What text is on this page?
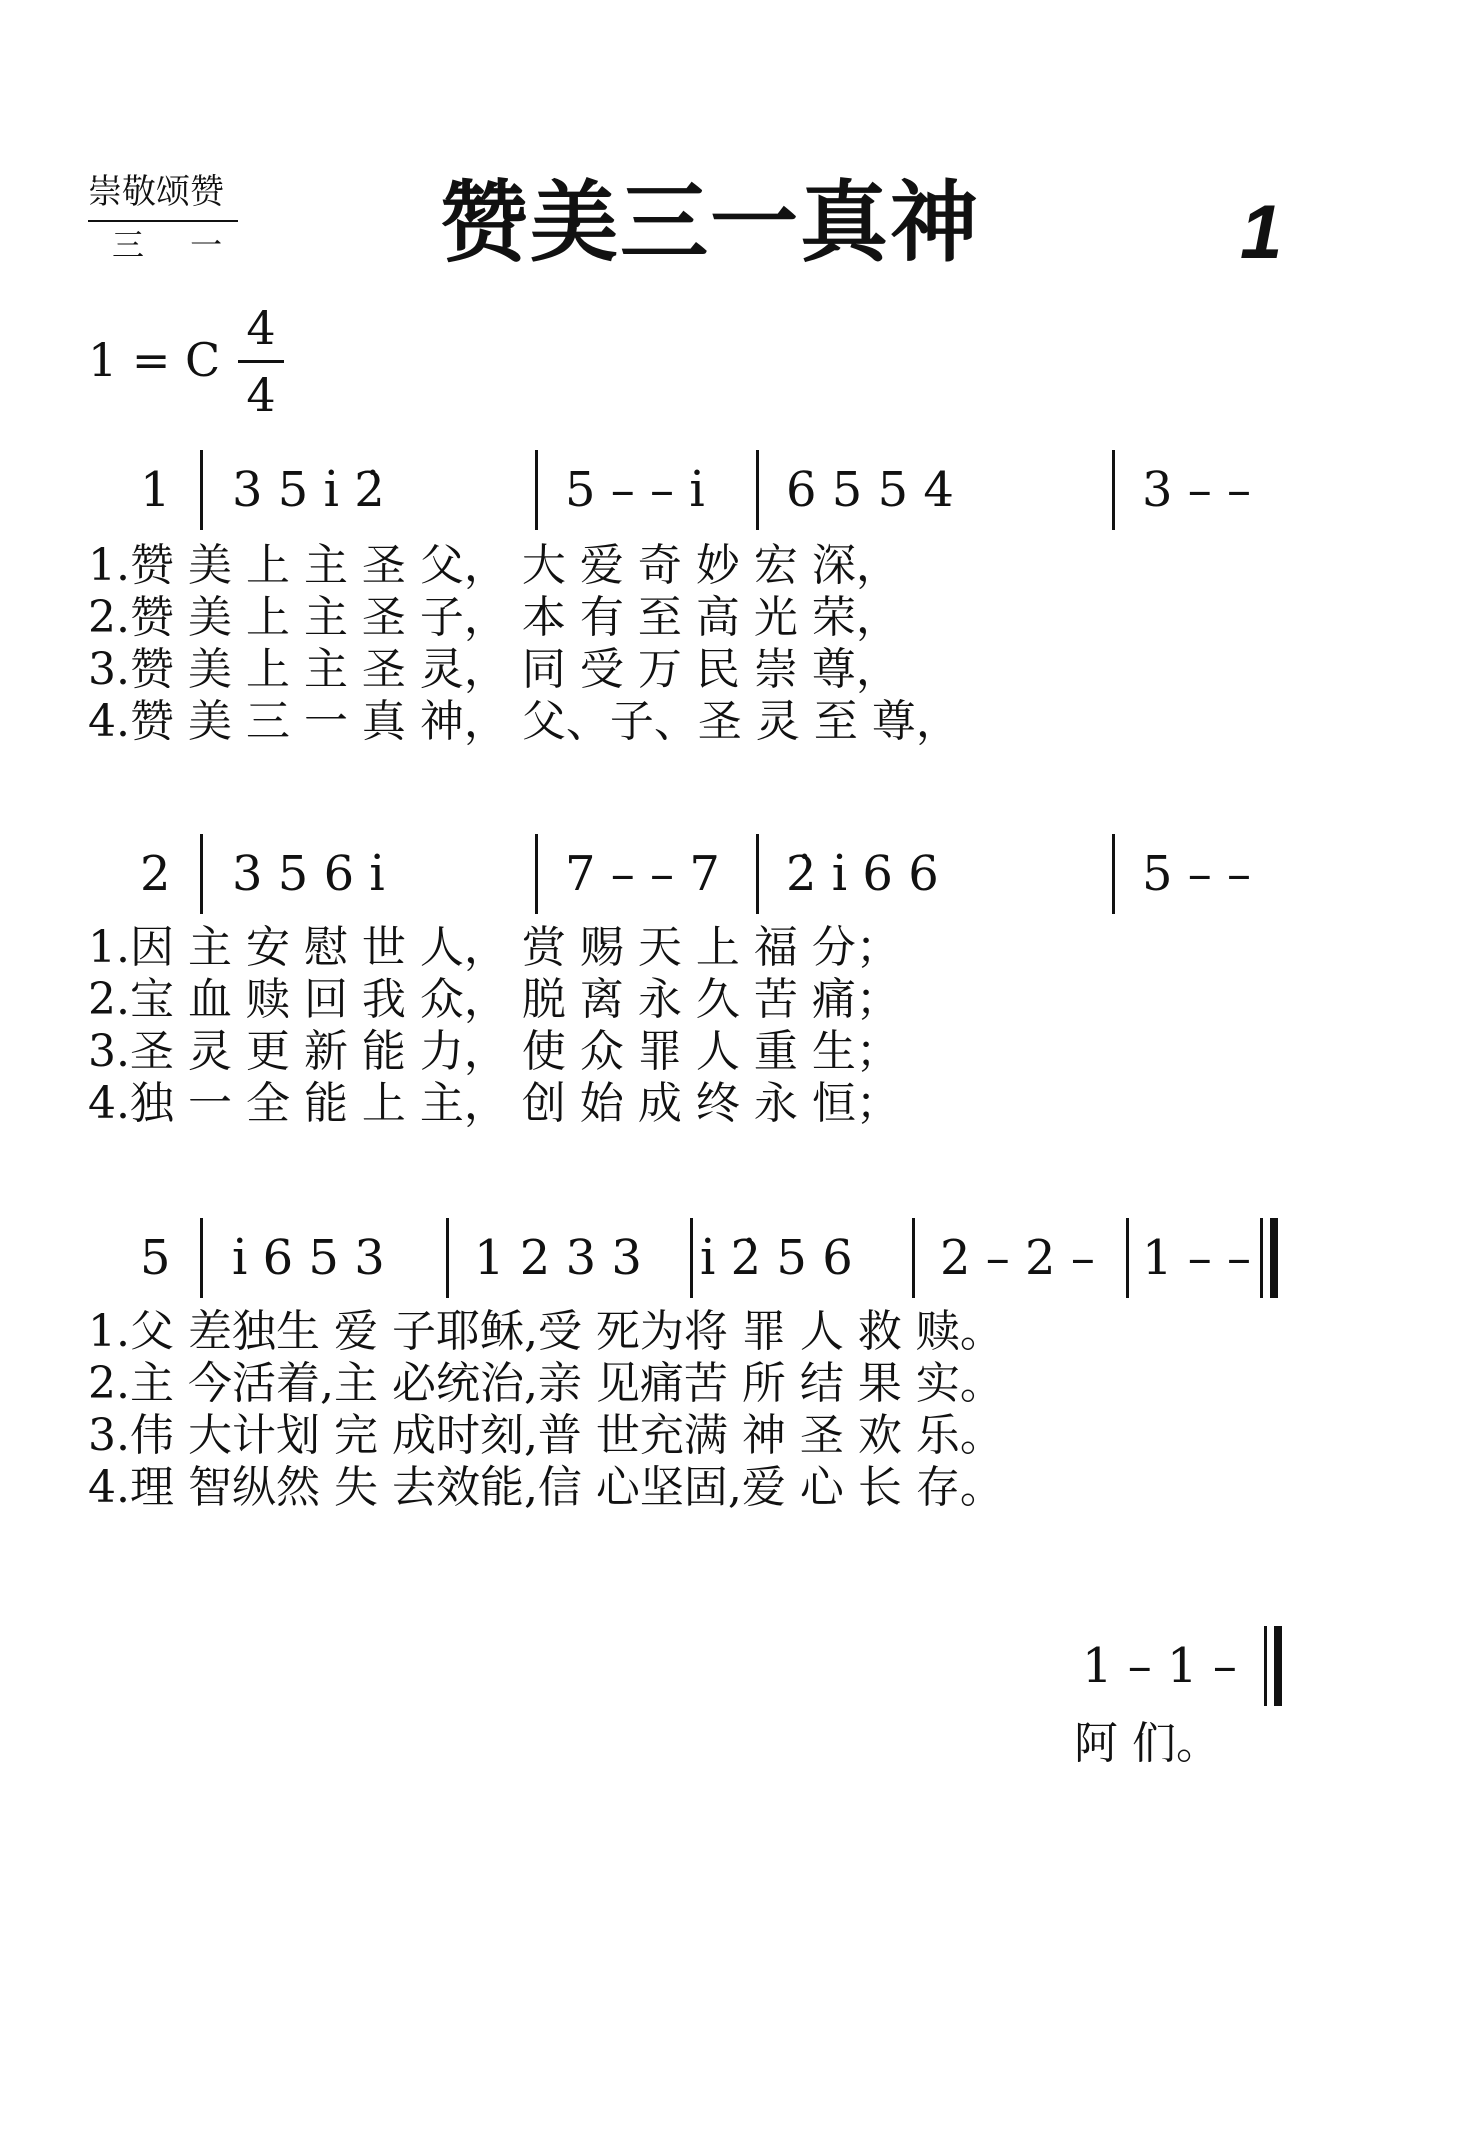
崇敬颂赞
三 一 赞美三一真神	1
1 = C
4
4
1 3 5 i̇ 2̇	5 – – i̇ 6 5 5 4	3 – –
1.赞 美 上 主 圣 父， 大 爱 奇 妙 宏 深，
2.赞 美 上 主 圣 子， 本 有 至 高 光 荣，
3.赞 美 上 主 圣 灵， 同 受 万 民 崇 尊，
4.赞 美 三 一 真 神， 父、子、圣 灵 至 尊，
2 3 5 6 i̇	7 – – 7 2̇ i̇ 6 6	5 – –
1.因 主 安 慰 世 人， 赏 赐 天 上 福 分；
2.宝 血 赎 回 我 众， 脱 离 永 久 苦 痛；
3.圣 灵 更 新 能 力， 使 众 罪 人 重 生；
4.独 一 全 能 上 主， 创 始 成 终 永 恒；
5 i̇ 6 5 3 1 2 3 3 i̇ 2̇ 5 6 2 – 2 – 1 – –
1.父 差独生 爱 子耶稣,受 死为将 罪 人 救 赎。
2.主 今活着,主 必统治,亲 见痛苦 所 结 果 实。
3.伟 大计划 完 成时刻,普 世充满 神 圣 欢 乐。
4.理 智纵然 失 去效能,信 心坚固,爱 心 长 存。
1 – 1 –
阿 们。
